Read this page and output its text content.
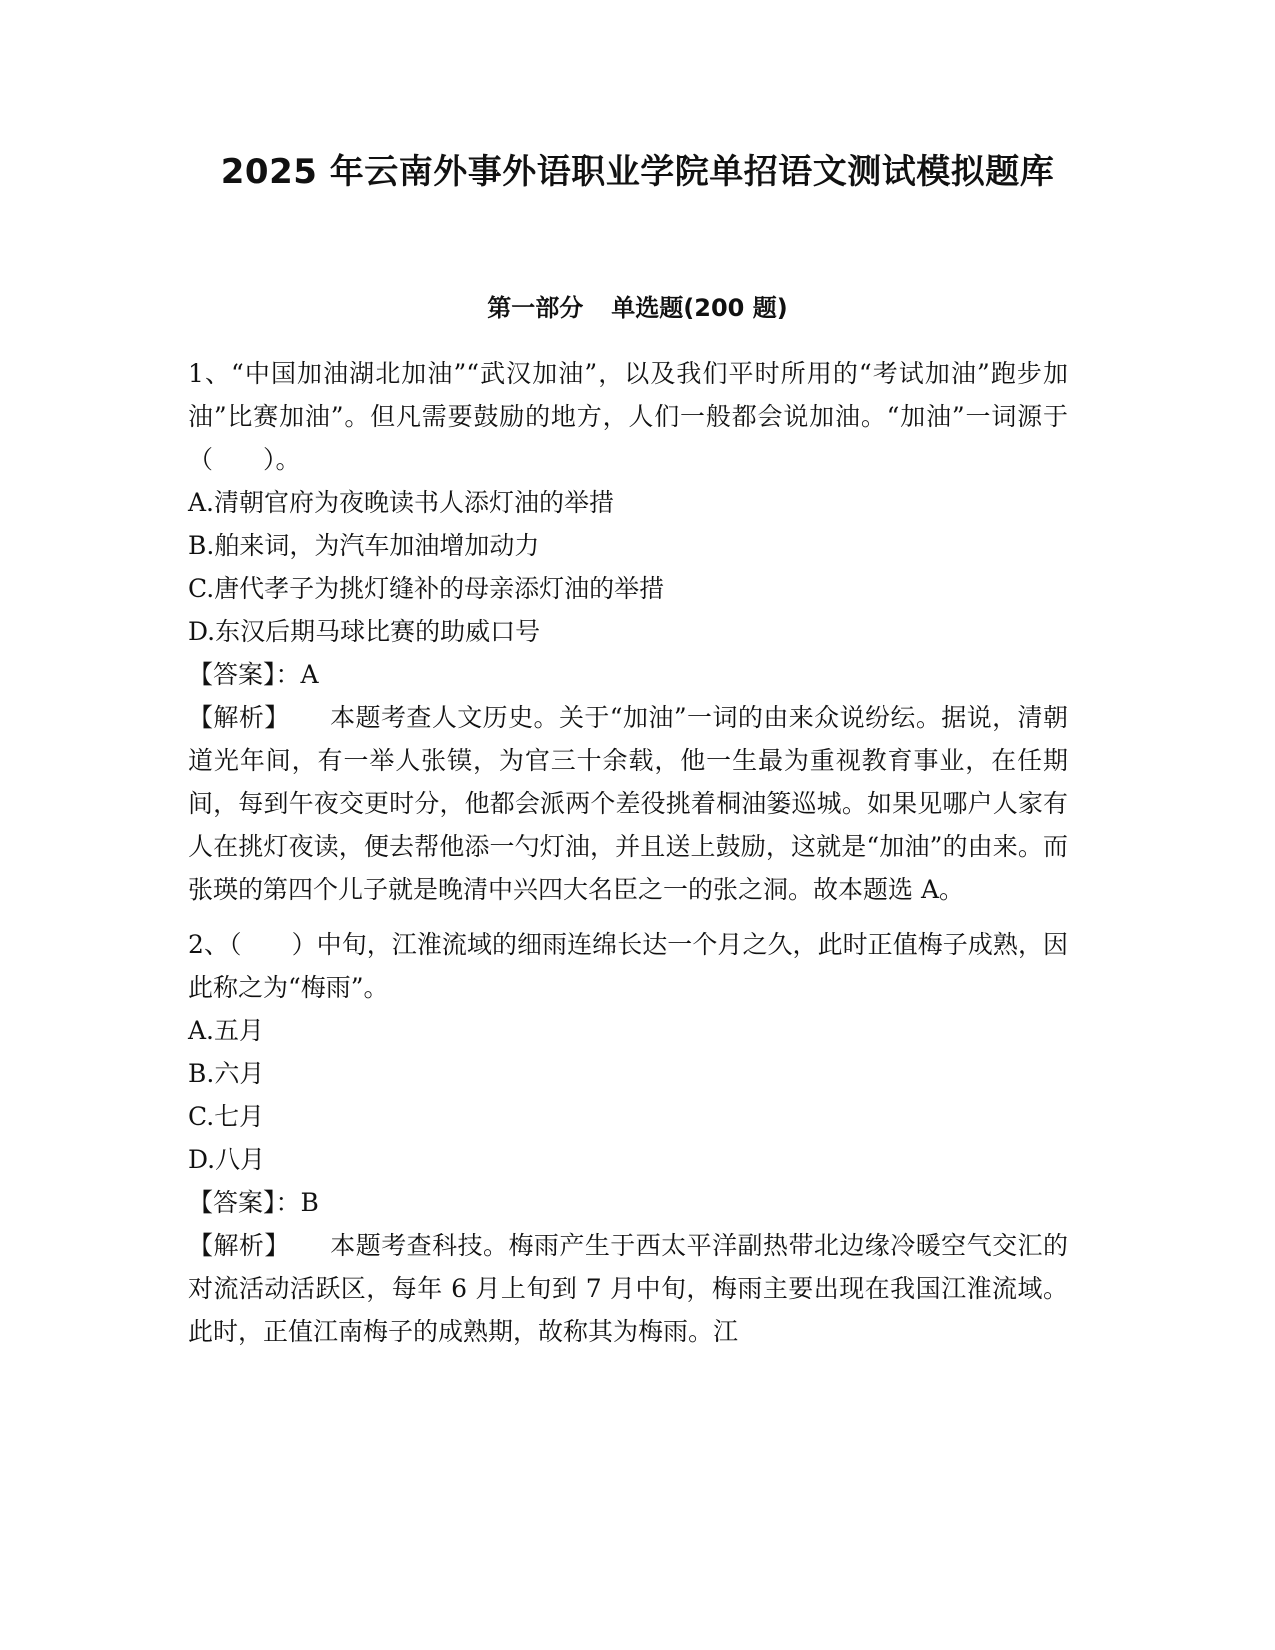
2025 年云南外事外语职业学院单招语文测试模拟题库
第一部分 单选题(200 题)

1、“中国加油湖北加油”“武汉加油”，以及我们平时所用的“考试加油”跑步加油”比赛加油”。但凡需要鼓励的地方，人们一般都会说加油。“加油”一词源于（　　）。

A.清朝官府为夜晚读书人添灯油的举措

B.舶来词，为汽车加油增加动力

C.唐代孝子为挑灯缝补的母亲添灯油的举措

D.东汉后期马球比赛的助威口号

【答案】：A

【解析】 本题考查人文历史。关于“加油”一词的由来众说纷纭。据说，清朝道光年间，有一举人张镆，为官三十余载，他一生最为重视教育事业，在任期间，每到午夜交更时分，他都会派两个差役挑着桐油篓巡城。如果见哪户人家有人在挑灯夜读，便去帮他添一勺灯油，并且送上鼓励，这就是“加油”的由来。而张瑛的第四个儿子就是晚清中兴四大名臣之一的张之洞。故本题选 A。

2、（　　）中旬，江淮流域的细雨连绵长达一个月之久，此时正值梅子成熟，因此称之为“梅雨”。

A.五月

B.六月

C.七月

D.八月

【答案】：B

【解析】 本题考查科技。梅雨产生于西太平洋副热带北边缘冷暖空气交汇的对流活动活跃区，每年 6 月上旬到 7 月中旬，梅雨主要出现在我国江淮流域。此时，正值江南梅子的成熟期，故称其为梅雨。江
